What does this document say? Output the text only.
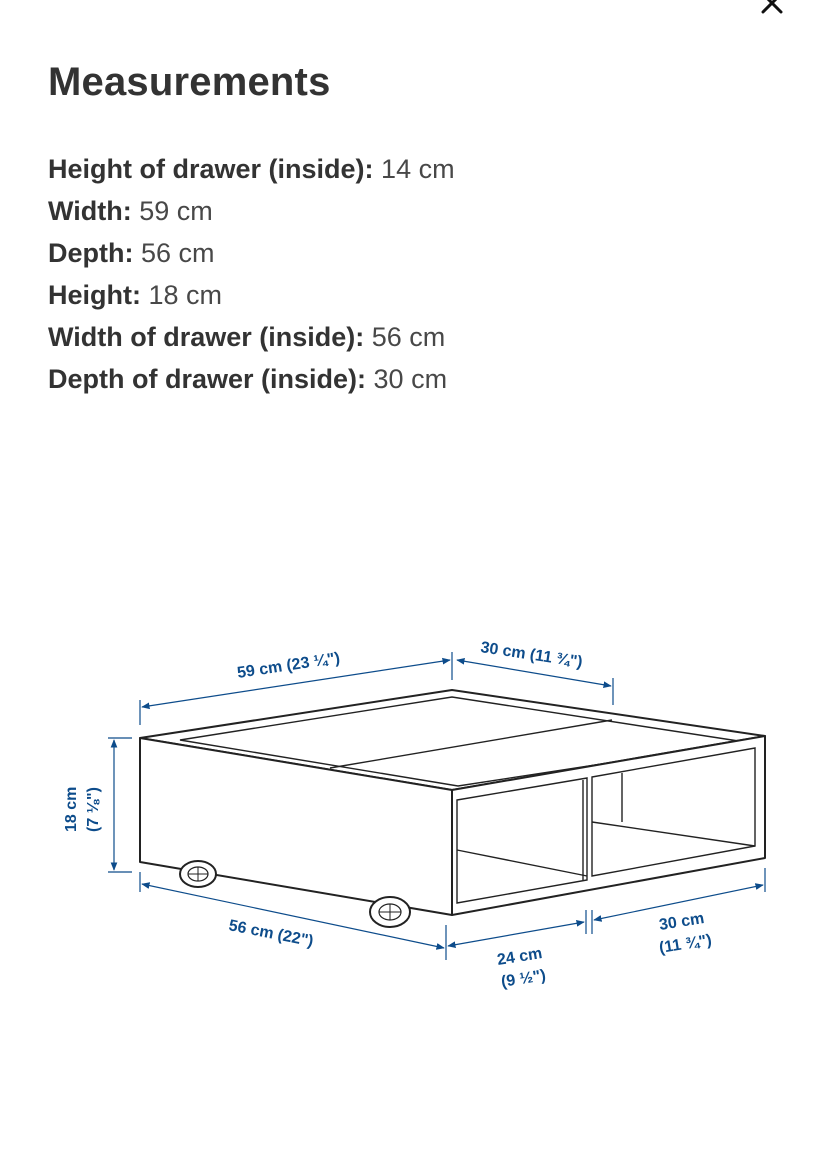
Measurements
Height of drawer (inside): 14 cm
Width: 59 cm
Depth: 56 cm
Height: 18 cm
Width of drawer (inside): 56 cm
Depth of drawer (inside): 30 cm
59 cm (23 ¼")	30 cm (11 ¾")
18 cm (7 ⅛")
56 cm (22")
24 cm
(9 ½")
30 cm
(11 ¾")
